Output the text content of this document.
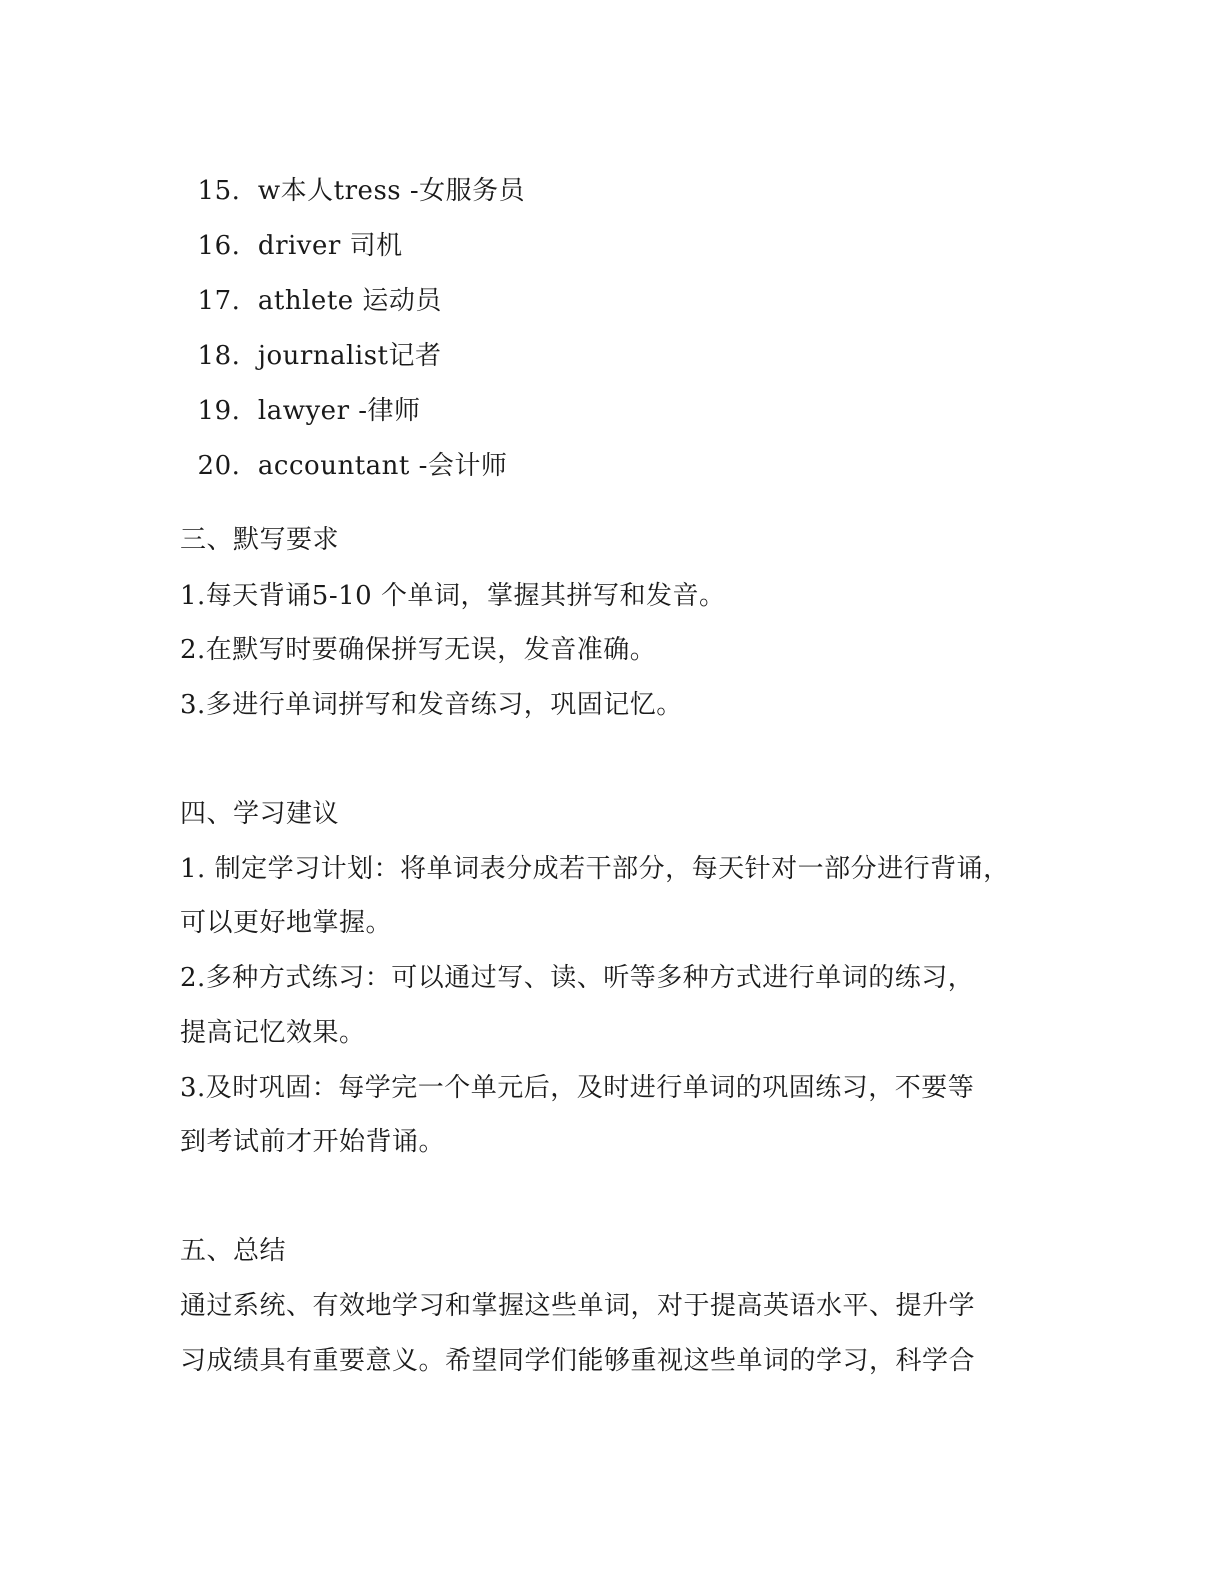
15. w本人tress -女服务员

16. driver 司机

17. athlete 运动员

18. journalist记者

19. lawyer -律师

20. accountant -会计师

三、默写要求
1.每天背诵5-10 个单词，掌握其拼写和发音。
2.在默写时要确保拼写无误，发音准确。
3.多进行单词拼写和发音练习，巩固记忆。
四、学习建议
1. 制定学习计划：将单词表分成若干部分，每天针对一部分进行背诵，
可以更好地掌握。
2.多种方式练习：可以通过写、读、听等多种方式进行单词的练习，
提高记忆效果。
3.及时巩固：每学完一个单元后，及时进行单词的巩固练习，不要等
到考试前才开始背诵。
五、总结
通过系统、有效地学习和掌握这些单词，对于提高英语水平、提升学
习成绩具有重要意义。希望同学们能够重视这些单词的学习，科学合
